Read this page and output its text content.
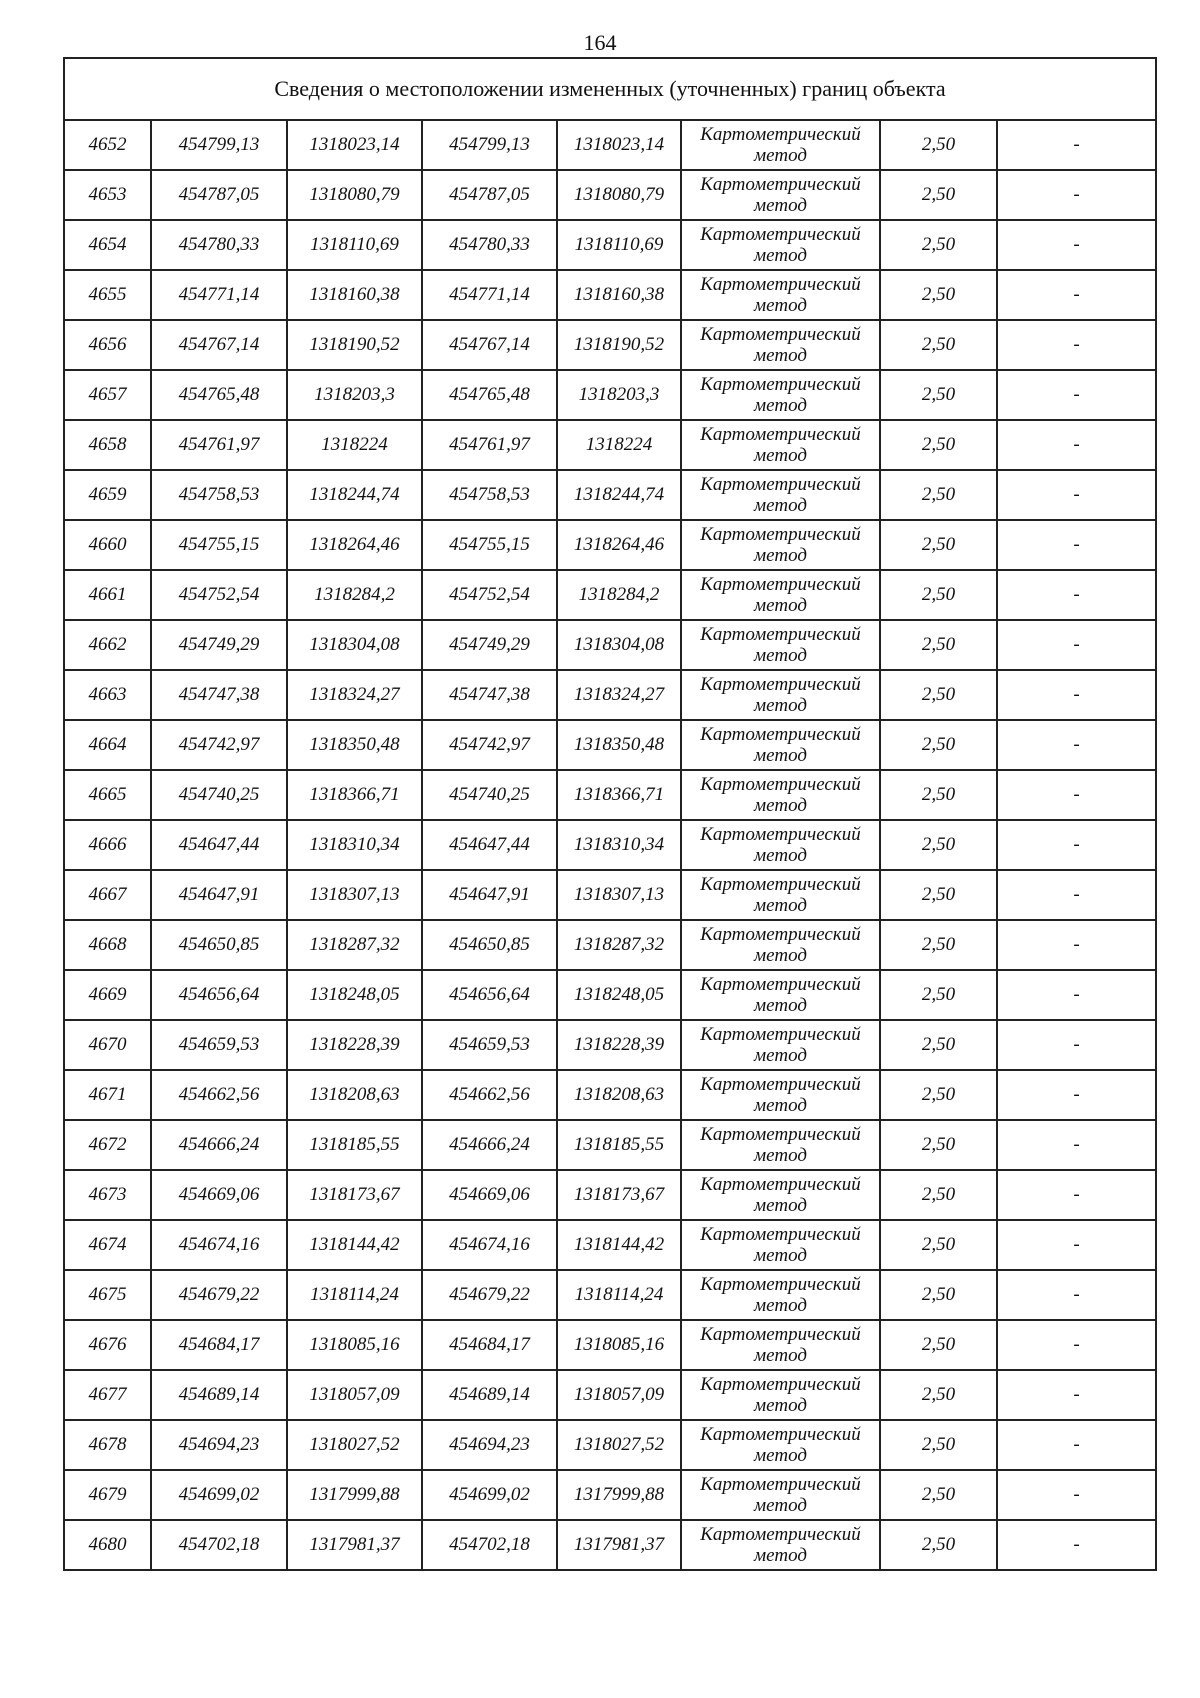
164
Сведения о местоположении измененных (уточненных) границ объекта							
4652	454799,13	1318023,14	454799,13	1318023,14	Картометрический
метод	2,50	-
4653	454787,05	1318080,79	454787,05	1318080,79	Картометрический
метод	2,50	-
4654	454780,33	1318110,69	454780,33	1318110,69	Картометрический
метод	2,50	-
4655	454771,14	1318160,38	454771,14	1318160,38	Картометрический
метод	2,50	-
4656	454767,14	1318190,52	454767,14	1318190,52	Картометрический
метод	2,50	-
4657	454765,48	1318203,3	454765,48	1318203,3	Картометрический
метод	2,50	-
4658	454761,97	1318224	454761,97	1318224	Картометрический
метод	2,50	-
4659	454758,53	1318244,74	454758,53	1318244,74	Картометрический
метод	2,50	-
4660	454755,15	1318264,46	454755,15	1318264,46	Картометрический
метод	2,50	-
4661	454752,54	1318284,2	454752,54	1318284,2	Картометрический
метод	2,50	-
4662	454749,29	1318304,08	454749,29	1318304,08	Картометрический
метод	2,50	-
4663	454747,38	1318324,27	454747,38	1318324,27	Картометрический
метод	2,50	-
4664	454742,97	1318350,48	454742,97	1318350,48	Картометрический
метод	2,50	-
4665	454740,25	1318366,71	454740,25	1318366,71	Картометрический
метод	2,50	-
4666	454647,44	1318310,34	454647,44	1318310,34	Картометрический
метод	2,50	-
4667	454647,91	1318307,13	454647,91	1318307,13	Картометрический
метод	2,50	-
4668	454650,85	1318287,32	454650,85	1318287,32	Картометрический
метод	2,50	-
4669	454656,64	1318248,05	454656,64	1318248,05	Картометрический
метод	2,50	-
4670	454659,53	1318228,39	454659,53	1318228,39	Картометрический
метод	2,50	-
4671	454662,56	1318208,63	454662,56	1318208,63	Картометрический
метод	2,50	-
4672	454666,24	1318185,55	454666,24	1318185,55	Картометрический
метод	2,50	-
4673	454669,06	1318173,67	454669,06	1318173,67	Картометрический
метод	2,50	-
4674	454674,16	1318144,42	454674,16	1318144,42	Картометрический
метод	2,50	-
4675	454679,22	1318114,24	454679,22	1318114,24	Картометрический
метод	2,50	-
4676	454684,17	1318085,16	454684,17	1318085,16	Картометрический
метод	2,50	-
4677	454689,14	1318057,09	454689,14	1318057,09	Картометрический
метод	2,50	-
4678	454694,23	1318027,52	454694,23	1318027,52	Картометрический
метод	2,50	-
4679	454699,02	1317999,88	454699,02	1317999,88	Картометрический
метод	2,50	-
4680	454702,18	1317981,37	454702,18	1317981,37	Картометрический
метод	2,50	-
